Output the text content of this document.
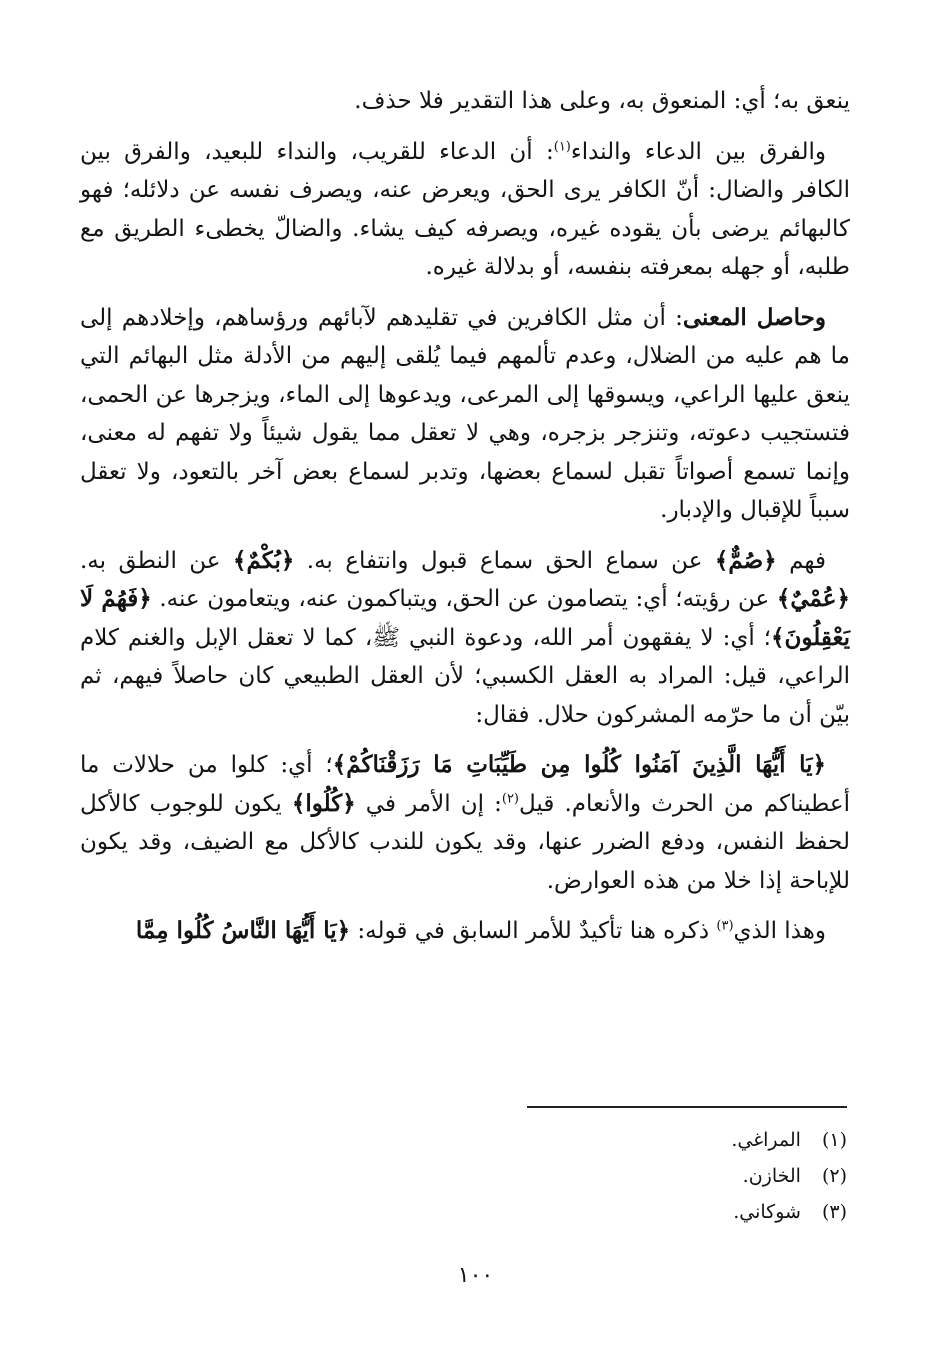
ينعق به؛ أي: المنعوق به، وعلى هذا التقدير فلا حذف.

والفرق بين الدعاء والنداء$^{(١)}$: أن الدعاء للقريب، والنداء للبعيد، والفرق بين الكافر والضال: أنّ الكافر يرى الحق، ويعرض عنه، ويصرف نفسه عن دلائله؛ فهو كالبهائم يرضى بأن يقوده غيره، ويصرفه كيف يشاء. والضالّ يخطىء الطريق مع طلبه، أو جهله بمعرفته بنفسه، أو بدلالة غيره.

وحاصل المعنى: أن مثل الكافرين في تقليدهم لآبائهم ورؤساهم، وإخلادهم إلى ما هم عليه من الضلال، وعدم تألمهم فيما يُلقى إليهم من الأدلة مثل البهائم التي ينعق عليها الراعي، ويسوقها إلى المرعى، ويدعوها إلى الماء، ويزجرها عن الحمى، فتستجيب دعوته، وتنزجر بزجره، وهي لا تعقل مما يقول شيئاً ولا تفهم له معنى، وإنما تسمع أصواتاً تقبل لسماع بعضها، وتدبر لسماع بعض آخر بالتعود، ولا تعقل سبباً للإقبال والإدبار.

فهم ﴿صُمٌّ﴾ عن سماع الحق سماع قبول وانتفاع به. ﴿بُكْمٌ﴾ عن النطق به. ﴿عُمْيٌ﴾ عن رؤيته؛ أي: يتصامون عن الحق، ويتباكمون عنه، ويتعامون عنه. ﴿فَهُمْ لَا يَعْقِلُونَ﴾؛ أي: لا يفقهون أمر الله، ودعوة النبي ﷺ، كما لا تعقل الإبل والغنم كلام الراعي، قيل: المراد به العقل الكسبي؛ لأن العقل الطبيعي كان حاصلاً فيهم، ثم بيّن أن ما حرّمه المشركون حلال. فقال:

﴿يَا أَيُّهَا الَّذِينَ آمَنُوا كُلُوا مِن طَيِّبَاتِ مَا رَزَقْنَاكُمْ﴾؛ أي: كلوا من حلالات ما أعطيناكم من الحرث والأنعام. قيل$^{(٢)}$: إن الأمر في ﴿كُلُوا﴾ يكون للوجوب كالأكل لحفظ النفس، ودفع الضرر عنها، وقد يكون للندب كالأكل مع الضيف، وقد يكون للإباحة إذا خلا من هذه العوارض.

وهذا الذي$^{(٣)}$ ذكره هنا تأكيدٌ للأمر السابق في قوله: ﴿يَا أَيُّهَا النَّاسُ كُلُوا مِمَّا

(١) المراغي.
(٢) الخازن.
(٣) شوكاني.
١٠٠
